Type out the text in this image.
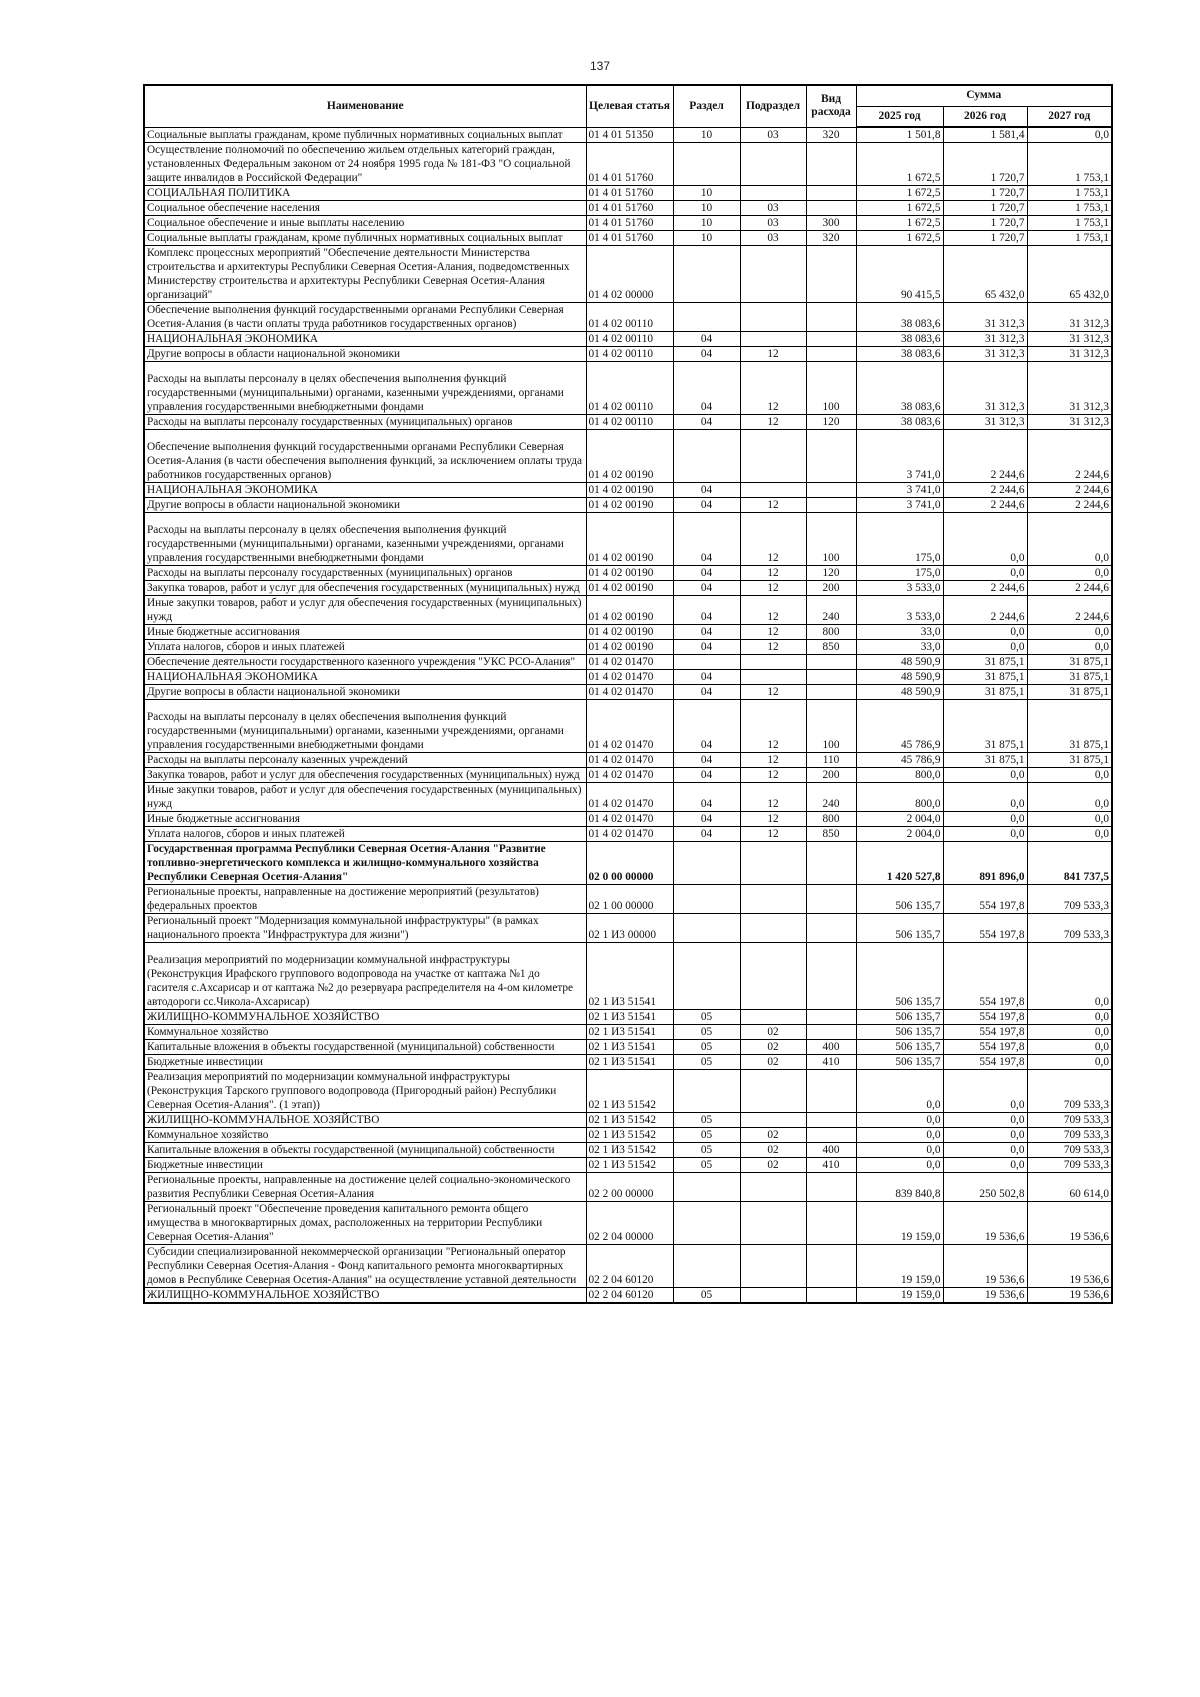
137
Наименование	Целевая статья	Раздел	Подраздел	Вид расхода	Сумма		
					2025 год	2026 год	2027 год

Социальные выплаты гражданам, кроме публичных нормативных социальных выплат	01 4 01 51350	10	03	320	1 501,8	1 581,4	0,0

Осуществление полномочий по обеспечению жильем отдельных категорий граждан, установленных Федеральным законом от 24 ноября 1995 года № 181-ФЗ "О социальной защите инвалидов в Российской Федерации"	01 4 01 51760				1 672,5	1 720,7	1 753,1

СОЦИАЛЬНАЯ ПОЛИТИКА	01 4 01 51760	10			1 672,5	1 720,7	1 753,1

Социальное обеспечение населения	01 4 01 51760	10	03		1 672,5	1 720,7	1 753,1

Социальное обеспечение и иные выплаты населению	01 4 01 51760	10	03	300	1 672,5	1 720,7	1 753,1

Социальные выплаты гражданам, кроме публичных нормативных социальных выплат	01 4 01 51760	10	03	320	1 672,5	1 720,7	1 753,1

Комплекс процессных мероприятий "Обеспечение деятельности Министерства строительства и архитектуры Республики Северная Осетия-Алания, подведомственных Министерству строительства и архитектуры Республики Северная Осетия-Алания организаций"	01 4 02 00000				90 415,5	65 432,0	65 432,0

Обеспечение выполнения функций государственными органами Республики Северная Осетия-Алания (в части оплаты труда работников государственных органов)	01 4 02 00110				38 083,6	31 312,3	31 312,3

НАЦИОНАЛЬНАЯ ЭКОНОМИКА	01 4 02 00110	04			38 083,6	31 312,3	31 312,3

Другие вопросы в области национальной экономики	01 4 02 00110	04	12		38 083,6	31 312,3	31 312,3

Расходы на выплаты персоналу в целях обеспечения выполнения функций государственными (муниципальными) органами, казенными учреждениями, органами управления государственными внебюджетными фондами	01 4 02 00110	04	12	100	38 083,6	31 312,3	31 312,3

Расходы на выплаты персоналу государственных (муниципальных) органов	01 4 02 00110	04	12	120	38 083,6	31 312,3	31 312,3

Обеспечение выполнения функций государственными органами Республики Северная Осетия-Алания (в части обеспечения выполнения функций, за исключением оплаты труда работников государственных органов)	01 4 02 00190				3 741,0	2 244,6	2 244,6

НАЦИОНАЛЬНАЯ ЭКОНОМИКА	01 4 02 00190	04			3 741,0	2 244,6	2 244,6

Другие вопросы в области национальной экономики	01 4 02 00190	04	12		3 741,0	2 244,6	2 244,6

Расходы на выплаты персоналу в целях обеспечения выполнения функций государственными (муниципальными) органами, казенными учреждениями, органами управления государственными внебюджетными фондами	01 4 02 00190	04	12	100	175,0	0,0	0,0

Расходы на выплаты персоналу государственных (муниципальных) органов	01 4 02 00190	04	12	120	175,0	0,0	0,0

Закупка товаров, работ и услуг для обеспечения государственных (муниципальных) нужд	01 4 02 00190	04	12	200	3 533,0	2 244,6	2 244,6

Иные закупки товаров, работ и услуг для обеспечения государственных (муниципальных) нужд	01 4 02 00190	04	12	240	3 533,0	2 244,6	2 244,6

Иные бюджетные ассигнования	01 4 02 00190	04	12	800	33,0	0,0	0,0

Уплата налогов, сборов и иных платежей	01 4 02 00190	04	12	850	33,0	0,0	0,0

Обеспечение деятельности государственного казенного учреждения "УКС РСО-Алания"	01 4 02 01470				48 590,9	31 875,1	31 875,1

НАЦИОНАЛЬНАЯ ЭКОНОМИКА	01 4 02 01470	04			48 590,9	31 875,1	31 875,1

Другие вопросы в области национальной экономики	01 4 02 01470	04	12		48 590,9	31 875,1	31 875,1

Расходы на выплаты персоналу в целях обеспечения выполнения функций государственными (муниципальными) органами, казенными учреждениями, органами управления государственными внебюджетными фондами	01 4 02 01470	04	12	100	45 786,9	31 875,1	31 875,1

Расходы на выплаты персоналу казенных учреждений	01 4 02 01470	04	12	110	45 786,9	31 875,1	31 875,1

Закупка товаров, работ и услуг для обеспечения государственных (муниципальных) нужд	01 4 02 01470	04	12	200	800,0	0,0	0,0

Иные закупки товаров, работ и услуг для обеспечения государственных (муниципальных) нужд	01 4 02 01470	04	12	240	800,0	0,0	0,0

Иные бюджетные ассигнования	01 4 02 01470	04	12	800	2 004,0	0,0	0,0

Уплата налогов, сборов и иных платежей	01 4 02 01470	04	12	850	2 004,0	0,0	0,0

Государственная программа Республики Северная Осетия-Алания "Развитие топливно-энергетического комплекса и жилищно-коммунального хозяйства Республики Северная Осетия-Алания"	02 0 00 00000				1 420 527,8	891 896,0	841 737,5

Региональные проекты, направленные на достижение мероприятий (результатов) федеральных проектов	02 1 00 00000				506 135,7	554 197,8	709 533,3

Региональный проект "Модернизация коммунальной инфраструктуры" (в рамках национального проекта "Инфраструктура для жизни")	02 1 И3 00000				506 135,7	554 197,8	709 533,3

Реализация мероприятий по модернизации коммунальной инфраструктуры (Реконструкция Ирафского группового водопровода на участке от каптажа №1 до гасителя с.Ахсарисар и от каптажа №2 до резервуара распределителя на 4-ом километре автодороги сс.Чикола-Ахсарисар)	02 1 И3 51541				506 135,7	554 197,8	0,0

ЖИЛИЩНО-КОММУНАЛЬНОЕ ХОЗЯЙСТВО	02 1 И3 51541	05			506 135,7	554 197,8	0,0

Коммунальное хозяйство	02 1 И3 51541	05	02		506 135,7	554 197,8	0,0

Капитальные вложения в объекты государственной (муниципальной) собственности	02 1 И3 51541	05	02	400	506 135,7	554 197,8	0,0

Бюджетные инвестиции	02 1 И3 51541	05	02	410	506 135,7	554 197,8	0,0

Реализация мероприятий по модернизации коммунальной инфраструктуры (Реконструкция Тарского группового водопровода (Пригородный район) Республики Северная Осетия-Алания". (1 этап))	02 1 И3 51542				0,0	0,0	709 533,3

ЖИЛИЩНО-КОММУНАЛЬНОЕ ХОЗЯЙСТВО	02 1 И3 51542	05			0,0	0,0	709 533,3

Коммунальное хозяйство	02 1 И3 51542	05	02		0,0	0,0	709 533,3

Капитальные вложения в объекты государственной (муниципальной) собственности	02 1 И3 51542	05	02	400	0,0	0,0	709 533,3

Бюджетные инвестиции	02 1 И3 51542	05	02	410	0,0	0,0	709 533,3

Региональные проекты, направленные на достижение целей социально-экономического развития Республики Северная Осетия-Алания	02 2 00 00000				839 840,8	250 502,8	60 614,0

Региональный проект "Обеспечение проведения капитального ремонта общего имущества в многоквартирных домах, расположенных на территории Республики Северная Осетия-Алания"	02 2 04 00000				19 159,0	19 536,6	19 536,6

Субсидии специализированной некоммерческой организации "Региональный оператор Республики Северная Осетия-Алания - Фонд капитального ремонта многоквартирных домов в Республике Северная Осетия-Алания" на осуществление уставной деятельности	02 2 04 60120				19 159,0	19 536,6	19 536,6

ЖИЛИЩНО-КОММУНАЛЬНОЕ ХОЗЯЙСТВО	02 2 04 60120	05			19 159,0	19 536,6	19 536,6
